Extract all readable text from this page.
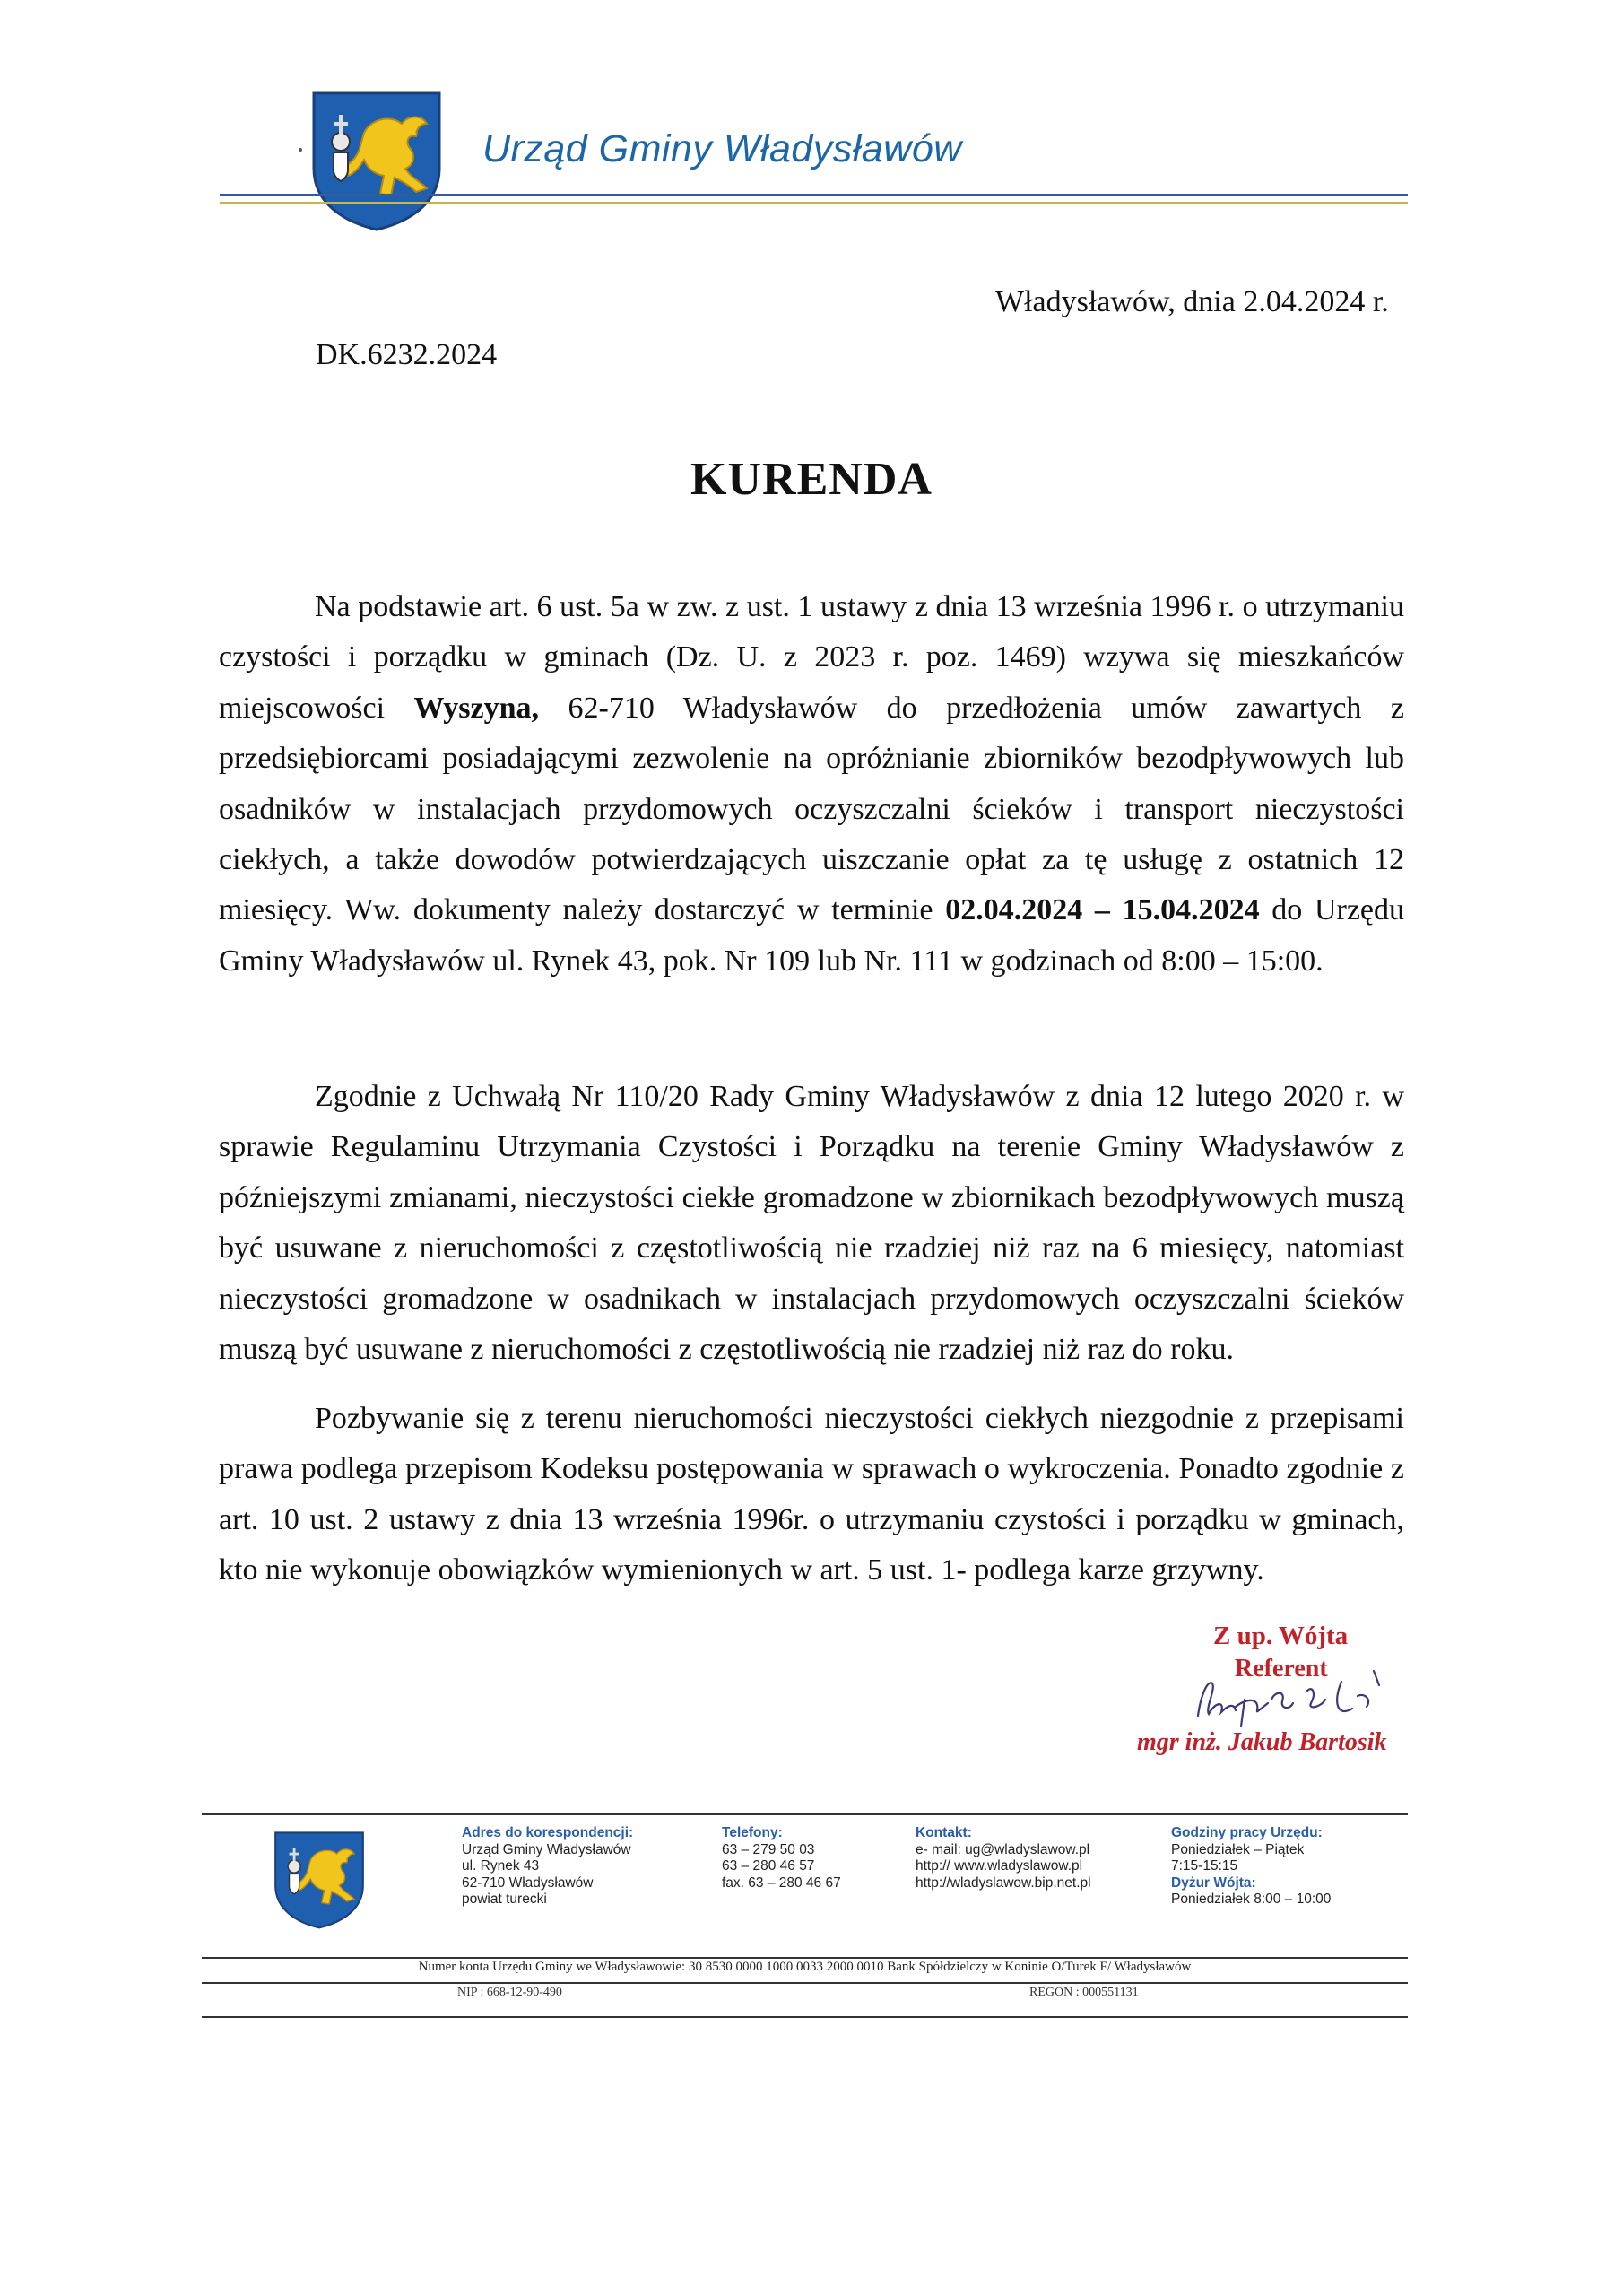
Urząd Gminy Władysławów
Władysławów, dnia 2.04.2024 r.
DK.6232.2024
KURENDA

Na podstawie art. 6 ust. 5a w zw. z ust. 1 ustawy z dnia 13 września 1996 r. o utrzymaniu czystości i porządku w gminach (Dz. U. z 2023 r. poz. 1469) wzywa się mieszkańców miejscowości Wyszyna, 62-710 Władysławów do przedłożenia umów zawartych z przedsiębiorcami posiadającymi zezwolenie na opróżnianie zbiorników bezodpływowych lub osadników w instalacjach przydomowych oczyszczalni ścieków i transport nieczystości ciekłych, a także dowodów potwierdzających uiszczanie opłat za tę usługę z ostatnich 12 miesięcy. Ww. dokumenty należy dostarczyć w terminie 02.04.2024 – 15.04.2024 do Urzędu Gminy Władysławów ul. Rynek 43, pok. Nr 109 lub Nr. 111 w godzinach od 8:00 – 15:00.

Zgodnie z Uchwałą Nr 110/20 Rady Gminy Władysławów z dnia 12 lutego 2020 r. w sprawie Regulaminu Utrzymania Czystości i Porządku na terenie Gminy Władysławów z późniejszymi zmianami, nieczystości ciekłe gromadzone w zbiornikach bezodpływowych muszą być usuwane z nieruchomości z częstotliwością nie rzadziej niż raz na 6 miesięcy, natomiast nieczystości gromadzone w osadnikach w instalacjach przydomowych oczyszczalni ścieków muszą być usuwane z nieruchomości z częstotliwością nie rzadziej niż raz do roku.

Pozbywanie się z terenu nieruchomości nieczystości ciekłych niezgodnie z przepisami prawa podlega przepisom Kodeksu postępowania w sprawach o wykroczenia. Ponadto zgodnie z art. 10 ust. 2 ustawy z dnia 13 września 1996r. o utrzymaniu czystości i porządku w gminach, kto nie wykonuje obowiązków wymienionych w art. 5 ust. 1- podlega karze grzywny.

Z up. Wójta
Referent
mgr inż. Jakub Bartosik
Adres do korespondencji:
Urząd Gminy Władysławów
ul. Rynek 43
62-710 Władysławów
powiat turecki
Telefony:
63 – 279 50 03
63 – 280 46 57
fax. 63 – 280 46 67
Kontakt:
e- mail: ug@wladyslawow.pl
http:// www.wladyslawow.pl
http://wladyslawow.bip.net.pl
Godziny pracy Urzędu:
Poniedziałek – Piątek
7:15-15:15
Dyżur Wójta:
Poniedziałek 8:00 – 10:00
Numer konta Urzędu Gminy we Władysławowie: 30 8530 0000 1000 0033 2000 0010 Bank Spółdzielczy w Koninie O/Turek F/ Władysławów
NIP : 668-12-90-490	REGON : 000551131
